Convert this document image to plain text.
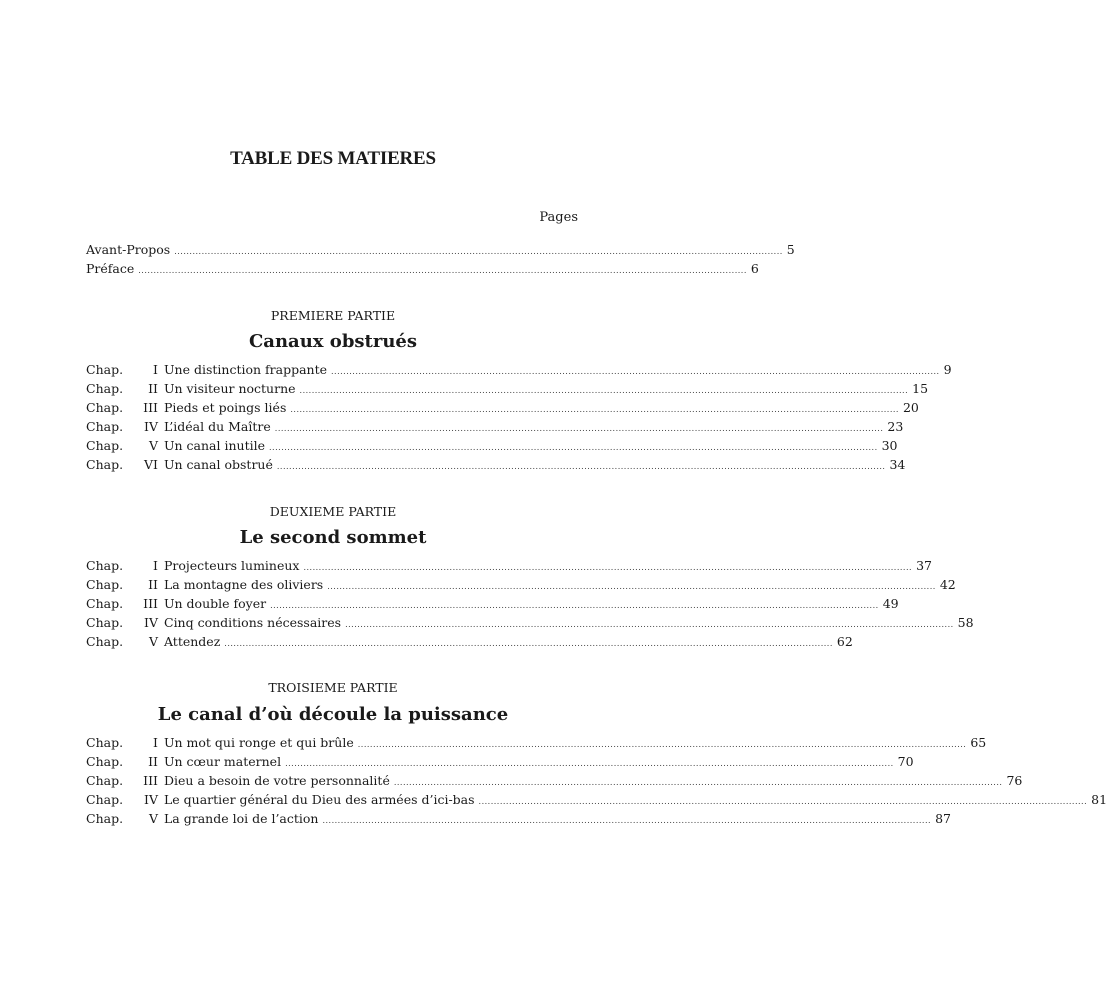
TABLE DES MATIERES
Pages
Avant-Propos ........................................................................................................................................................................................................ 5
Préface ........................................................................................................................................................................................................ 6
PREMIERE PARTIE
Canaux obstrués
Chap. I Une distinction frappante ........................................................................................................................................................................................................ 9
Chap. II Un visiteur nocturne ........................................................................................................................................................................................................ 15
Chap. III Pieds et poings liés ........................................................................................................................................................................................................ 20
Chap. IV L’idéal du Maître ........................................................................................................................................................................................................ 23
Chap. V Un canal inutile ........................................................................................................................................................................................................ 30
Chap. VI Un canal obstrué ........................................................................................................................................................................................................ 34
DEUXIEME PARTIE
Le second sommet
Chap. I Projecteurs lumineux ........................................................................................................................................................................................................ 37
Chap. II La montagne des oliviers ........................................................................................................................................................................................................ 42
Chap. III Un double foyer ........................................................................................................................................................................................................ 49
Chap. IV Cinq conditions nécessaires ........................................................................................................................................................................................................ 58
Chap. V Attendez ........................................................................................................................................................................................................ 62
TROISIEME PARTIE
Le canal d’où découle la puissance
Chap. I Un mot qui ronge et qui brûle ........................................................................................................................................................................................................ 65
Chap. II Un cœur maternel ........................................................................................................................................................................................................ 70
Chap. III Dieu a besoin de votre personnalité ........................................................................................................................................................................................................ 76
Chap. IV Le quartier général du Dieu des armées d’ici-bas ........................................................................................................................................................................................................ 81
Chap. V La grande loi de l’action ........................................................................................................................................................................................................ 87
